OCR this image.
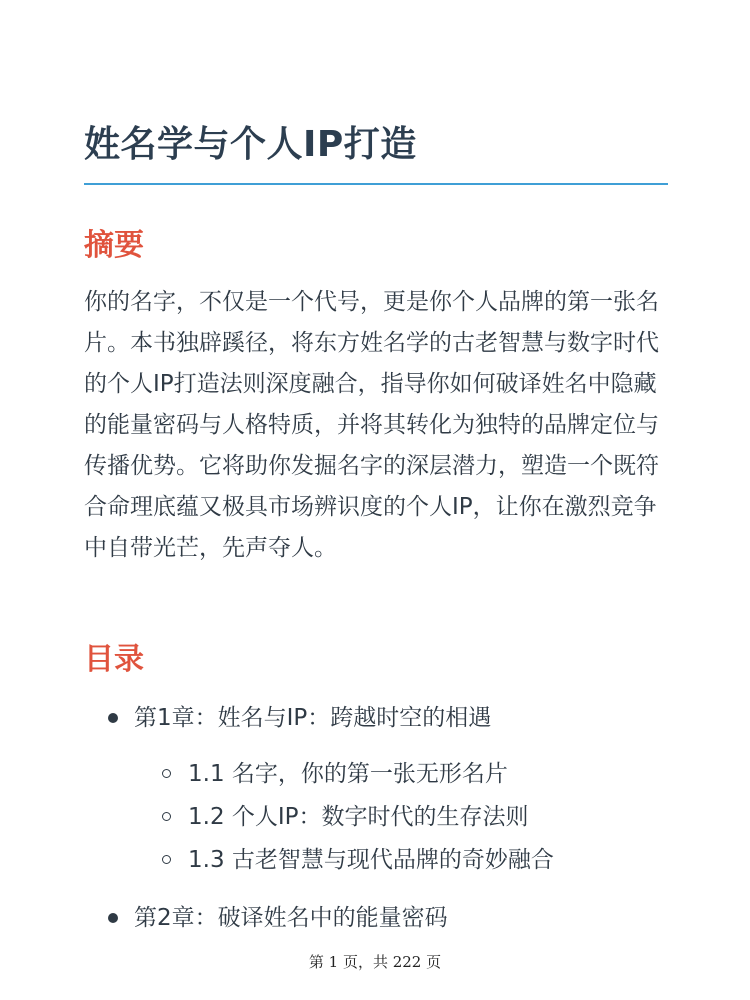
姓名学与个人IP打造
摘要

你的名字，不仅是一个代号，更是你个人品牌的第一张名片。本书独辟蹊径，将东方姓名学的古老智慧与数字时代的个人IP打造法则深度融合，指导你如何破译姓名中隐藏的能量密码与人格特质，并将其转化为独特的品牌定位与传播优势。它将助你发掘名字的深层潜力，塑造一个既符合命理底蕴又极具市场辨识度的个人IP，让你在激烈竞争中自带光芒，先声夺人。

目录
第1章：姓名与IP：跨越时空的相遇
1.1 名字，你的第一张无形名片
1.2 个人IP：数字时代的生存法则
1.3 古老智慧与现代品牌的奇妙融合
第2章：破译姓名中的能量密码
第 1 页，共 222 页
